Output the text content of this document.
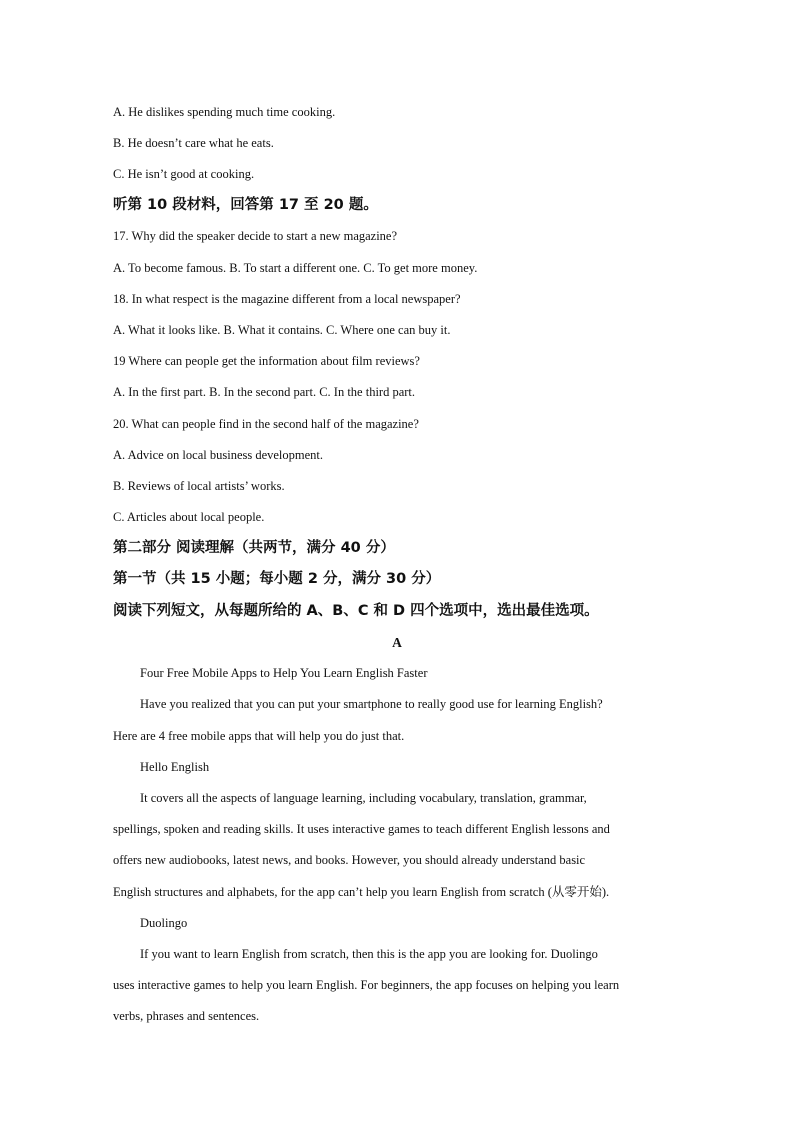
A. He dislikes spending much time cooking.
B. He doesn’t care what he eats.
C. He isn’t good at cooking.
听第 10 段材料，回答第 17 至 20 题。
17. Why did the speaker decide to start a new magazine?
A. To become famous. B. To start a different one. C. To get more money.
18. In what respect is the magazine different from a local newspaper?
A. What it looks like. B. What it contains. C. Where one can buy it.
19 Where can people get the information about film reviews?
A. In the first part. B. In the second part. C. In the third part.
20. What can people find in the second half of the magazine?
A. Advice on local business development.
B. Reviews of local artists’ works.
C. Articles about local people.
第二部分 阅读理解（共两节，满分 40 分）
第一节（共 15 小题；每小题 2 分，满分 30 分）
阅读下列短文，从每题所给的 A、B、C 和 D 四个选项中，选出最佳选项。
A
Four Free Mobile Apps to Help You Learn English Faster
Have you realized that you can put your smartphone to really good use for learning English?
Here are 4 free mobile apps that will help you do just that.
Hello English
It covers all the aspects of language learning, including vocabulary, translation, grammar,
spellings, spoken and reading skills. It uses interactive games to teach different English lessons and
offers new audiobooks, latest news, and books. However, you should already understand basic
English structures and alphabets, for the app can’t help you learn English from scratch (从零开始).
Duolingo
If you want to learn English from scratch, then this is the app you are looking for. Duolingo
uses interactive games to help you learn English. For beginners, the app focuses on helping you learn
verbs, phrases and sentences.
